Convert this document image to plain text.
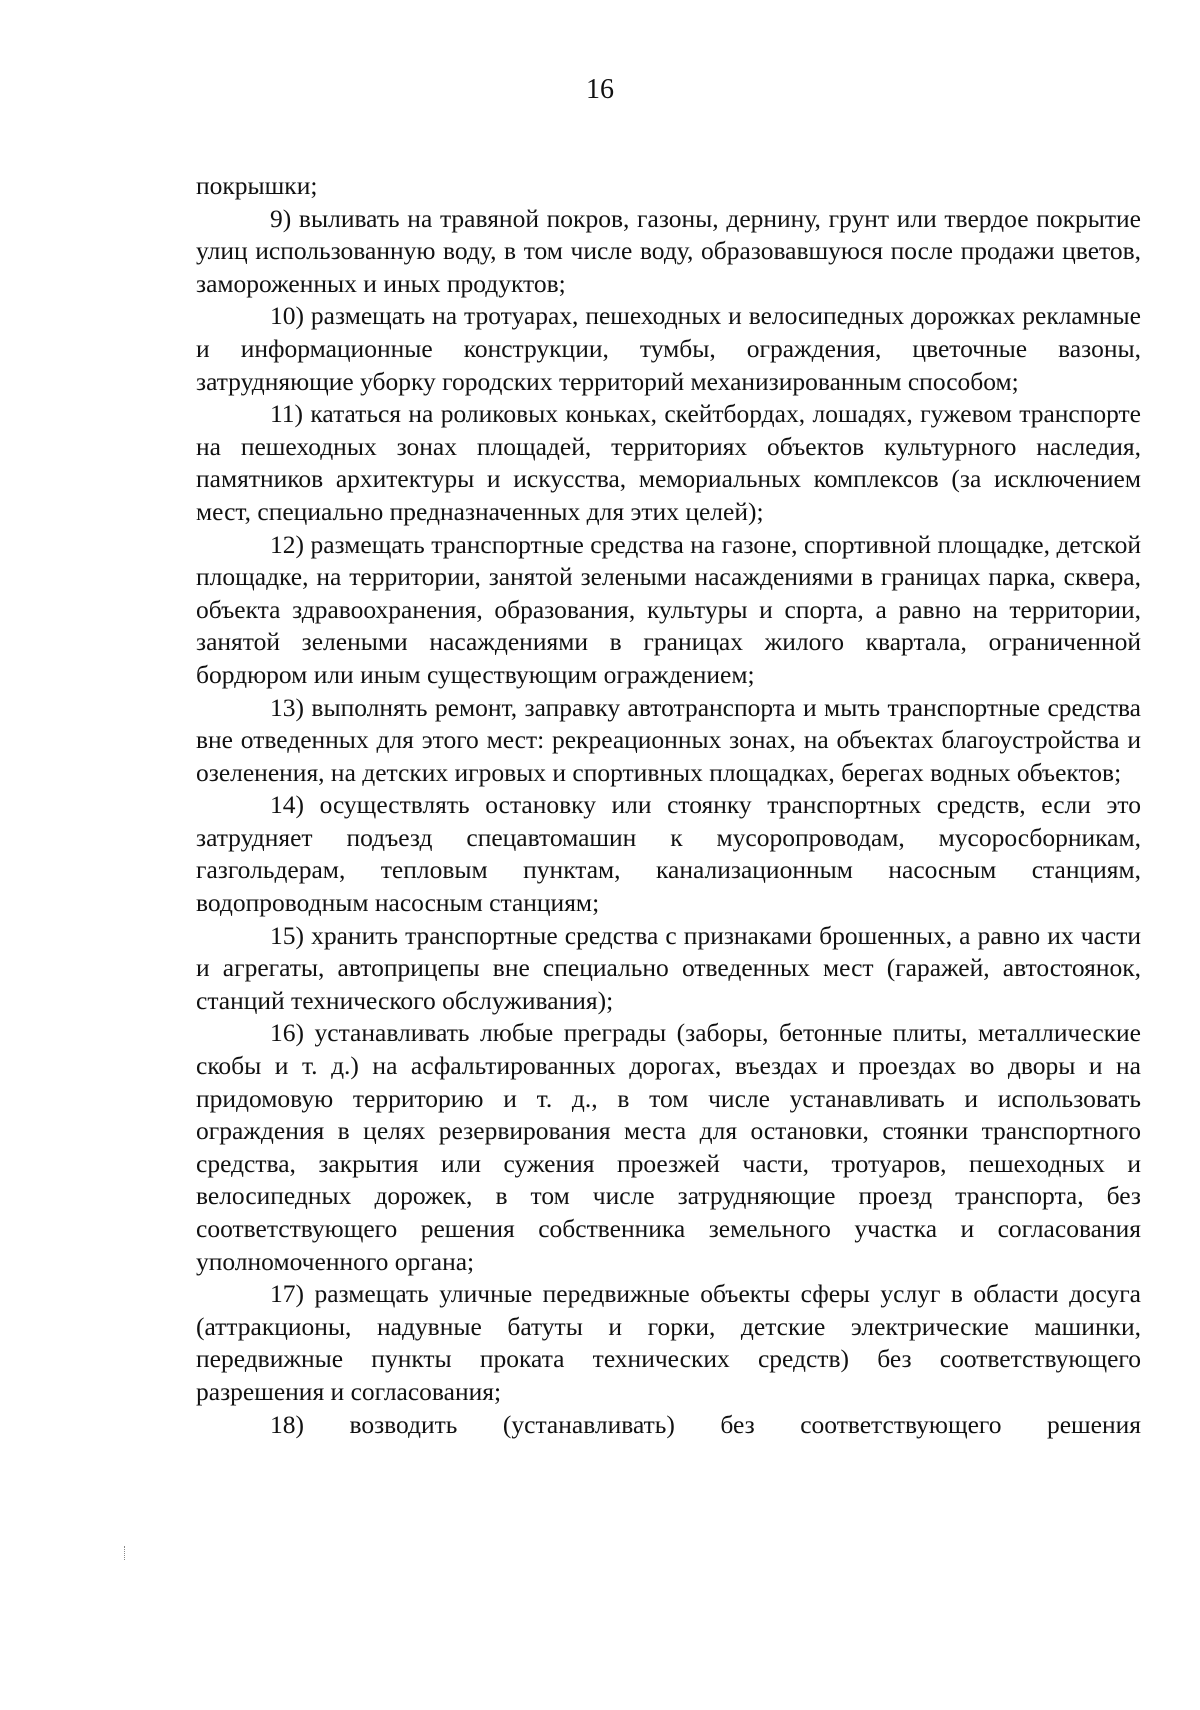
16

покрышки;

9) выливать на травяной покров, газоны, дернину, грунт или твердое покрытие улиц использованную воду, в том числе воду, образовавшуюся после продажи цветов, замороженных и иных продуктов;

10) размещать на тротуарах, пешеходных и велосипедных дорожках рекламные и информационные конструкции, тумбы, ограждения, цветочные вазоны, затрудняющие уборку городских территорий механизированным способом;

11) кататься на роликовых коньках, скейтбордах, лошадях, гужевом транспорте на пешеходных зонах площадей, территориях объектов культурного наследия, памятников архитектуры и искусства, мемориальных комплексов (за исключением мест, специально предназначенных для этих целей);

12) размещать транспортные средства на газоне, спортивной площадке, детской площадке, на территории, занятой зелеными насаждениями в границах парка, сквера, объекта здравоохранения, образования, культуры и спорта, а равно на территории, занятой зелеными насаждениями в границах жилого квартала, ограниченной бордюром или иным существующим ограждением;

13) выполнять ремонт, заправку автотранспорта и мыть транспортные средства вне отведенных для этого мест: рекреационных зонах, на объектах благоустройства и озеленения, на детских игровых и спортивных площадках, берегах водных объектов;

14) осуществлять остановку или стоянку транспортных средств, если это затрудняет подъезд спецавтомашин к мусоропроводам, мусоросборникам, газгольдерам, тепловым пунктам, канализационным насосным станциям, водопроводным насосным станциям;

15) хранить транспортные средства с признаками брошенных, а равно их части и агрегаты, автоприцепы вне специально отведенных мест (гаражей, автостоянок, станций технического обслуживания);

16) устанавливать любые преграды (заборы, бетонные плиты, металлические скобы и т. д.) на асфальтированных дорогах, въездах и проездах во дворы и на придомовую территорию и т. д., в том числе устанавливать и использовать ограждения в целях резервирования места для остановки, стоянки транспортного средства, закрытия или сужения проезжей части, тротуаров, пешеходных и велосипедных дорожек, в том числе затрудняющие проезд транспорта, без соответствующего решения собственника земельного участка и согласования уполномоченного органа;

17) размещать уличные передвижные объекты сферы услуг в области досуга (аттракционы, надувные батуты и горки, детские электрические машинки, передвижные пункты проката технических средств) без соответствующего разрешения и согласования;

18) возводить (устанавливать) без соответствующего решения
